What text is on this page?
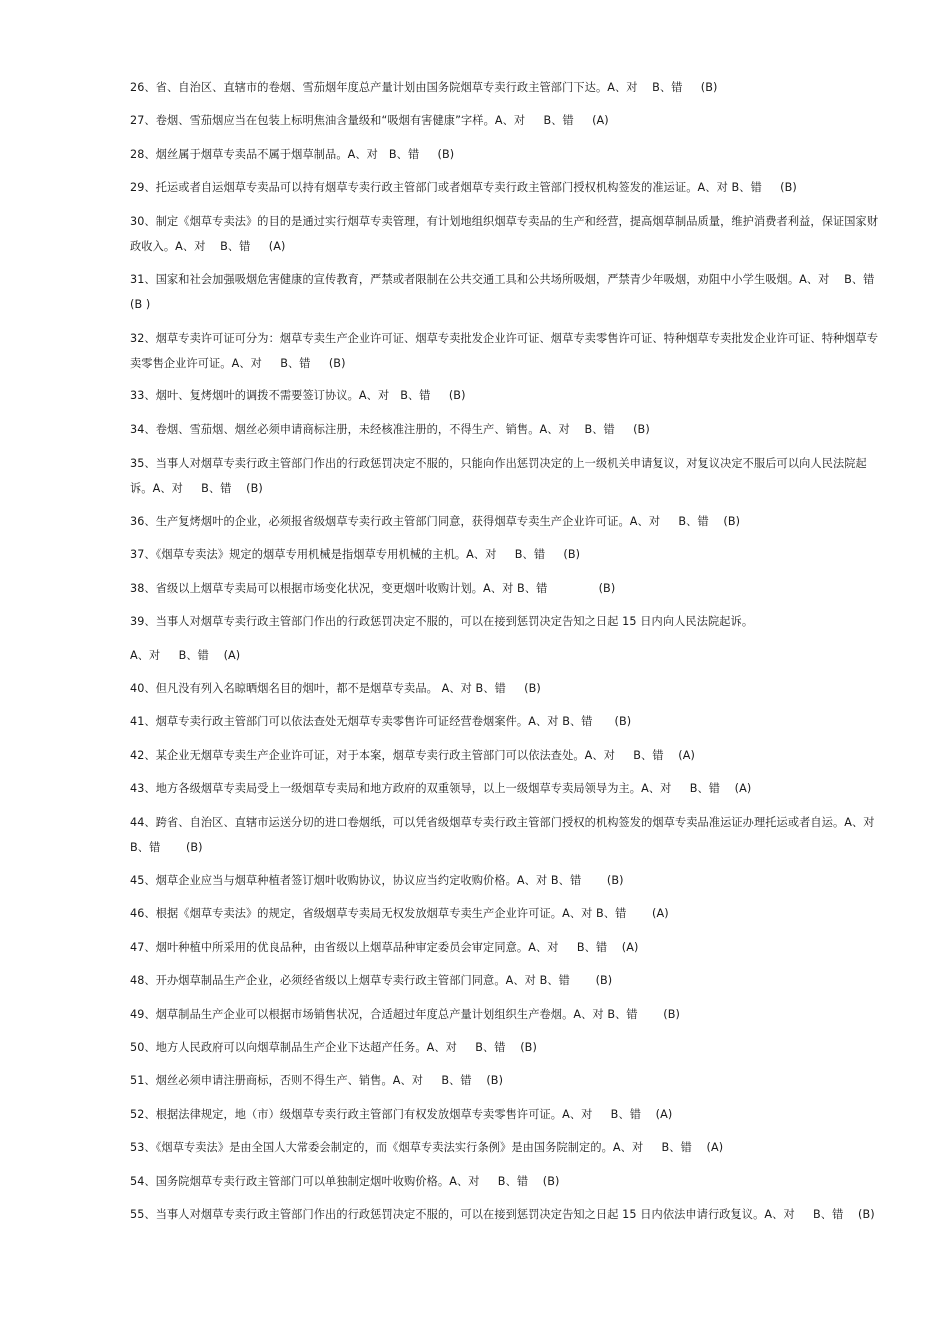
26、省、自治区、直辖市的卷烟、雪茄烟年度总产量计划由国务院烟草专卖行政主管部门下达。A、对    B、错     (B)
27、卷烟、雪茄烟应当在包装上标明焦油含量级和“吸烟有害健康”字样。A、对     B、错     (A)
28、烟丝属于烟草专卖品不属于烟草制品。A、对   B、错     (B)
29、托运或者自运烟草专卖品可以持有烟草专卖行政主管部门或者烟草专卖行政主管部门授权机构签发的准运证。A、对 B、错     (B)
30、制定《烟草专卖法》的目的是通过实行烟草专卖管理，有计划地组织烟草专卖品的生产和经营，提高烟草制品质量，维护消费者利益，保证国家财政收入。A、对    B、错     (A)
31、国家和社会加强吸烟危害健康的宣传教育，严禁或者限制在公共交通工具和公共场所吸烟，严禁青少年吸烟，劝阻中小学生吸烟。A、对    B、错     (B )
32、烟草专卖许可证可分为：烟草专卖生产企业许可证、烟草专卖批发企业许可证、烟草专卖零售许可证、特种烟草专卖批发企业许可证、特种烟草专卖零售企业许可证。A、对     B、错     (B)
33、烟叶、复烤烟叶的调拨不需要签订协议。A、对   B、错     (B)
34、卷烟、雪茄烟、烟丝必须申请商标注册，未经核准注册的，不得生产、销售。A、对    B、错     (B)
35、当事人对烟草专卖行政主管部门作出的行政惩罚决定不服的，只能向作出惩罚决定的上一级机关申请复议，对复议决定不服后可以向人民法院起诉。A、对     B、错    (B)
36、生产复烤烟叶的企业，必须报省级烟草专卖行政主管部门同意，获得烟草专卖生产企业许可证。A、对     B、错    (B)
37、《烟草专卖法》规定的烟草专用机械是指烟草专用机械的主机。A、对     B、错     (B)
38、省级以上烟草专卖局可以根据市场变化状况，变更烟叶收购计划。A、对 B、错              (B)
39、当事人对烟草专卖行政主管部门作出的行政惩罚决定不服的，可以在接到惩罚决定告知之日起 15 日内向人民法院起诉。
A、对     B、错    (A)
40、但凡没有列入名晾晒烟名目的烟叶，都不是烟草专卖品。 A、对 B、错     (B)
41、烟草专卖行政主管部门可以依法查处无烟草专卖零售许可证经营卷烟案件。A、对 B、错      (B)
42、某企业无烟草专卖生产企业许可证，对于本案，烟草专卖行政主管部门可以依法查处。A、对     B、错    (A)
43、地方各级烟草专卖局受上一级烟草专卖局和地方政府的双重领导，以上一级烟草专卖局领导为主。A、对     B、错    (A)
44、跨省、自治区、直辖市运送分切的进口卷烟纸，可以凭省级烟草专卖行政主管部门授权的机构签发的烟草专卖品准运证办理托运或者自运。A、对 B、错       (B)
45、烟草企业应当与烟草种植者签订烟叶收购协议，协议应当约定收购价格。A、对 B、错       (B)
46、根据《烟草专卖法》的规定，省级烟草专卖局无权发放烟草专卖生产企业许可证。A、对 B、错       (A)
47、烟叶种植中所采用的优良品种，由省级以上烟草品种审定委员会审定同意。A、对     B、错    (A)
48、开办烟草制品生产企业，必须经省级以上烟草专卖行政主管部门同意。A、对 B、错       (B)
49、烟草制品生产企业可以根据市场销售状况，合适超过年度总产量计划组织生产卷烟。A、对 B、错       (B)
50、地方人民政府可以向烟草制品生产企业下达超产任务。A、对     B、错    (B)
51、烟丝必须申请注册商标，否则不得生产、销售。A、对     B、错    (B)
52、根据法律规定，地（市）级烟草专卖行政主管部门有权发放烟草专卖零售许可证。A、对     B、错    (A)
53、《烟草专卖法》是由全国人大常委会制定的，而《烟草专卖法实行条例》是由国务院制定的。A、对     B、错    (A)
54、国务院烟草专卖行政主管部门可以单独制定烟叶收购价格。A、对     B、错    (B)
55、当事人对烟草专卖行政主管部门作出的行政惩罚决定不服的，可以在接到惩罚决定告知之日起 15 日内依法申请行政复议。A、对     B、错    (B)
